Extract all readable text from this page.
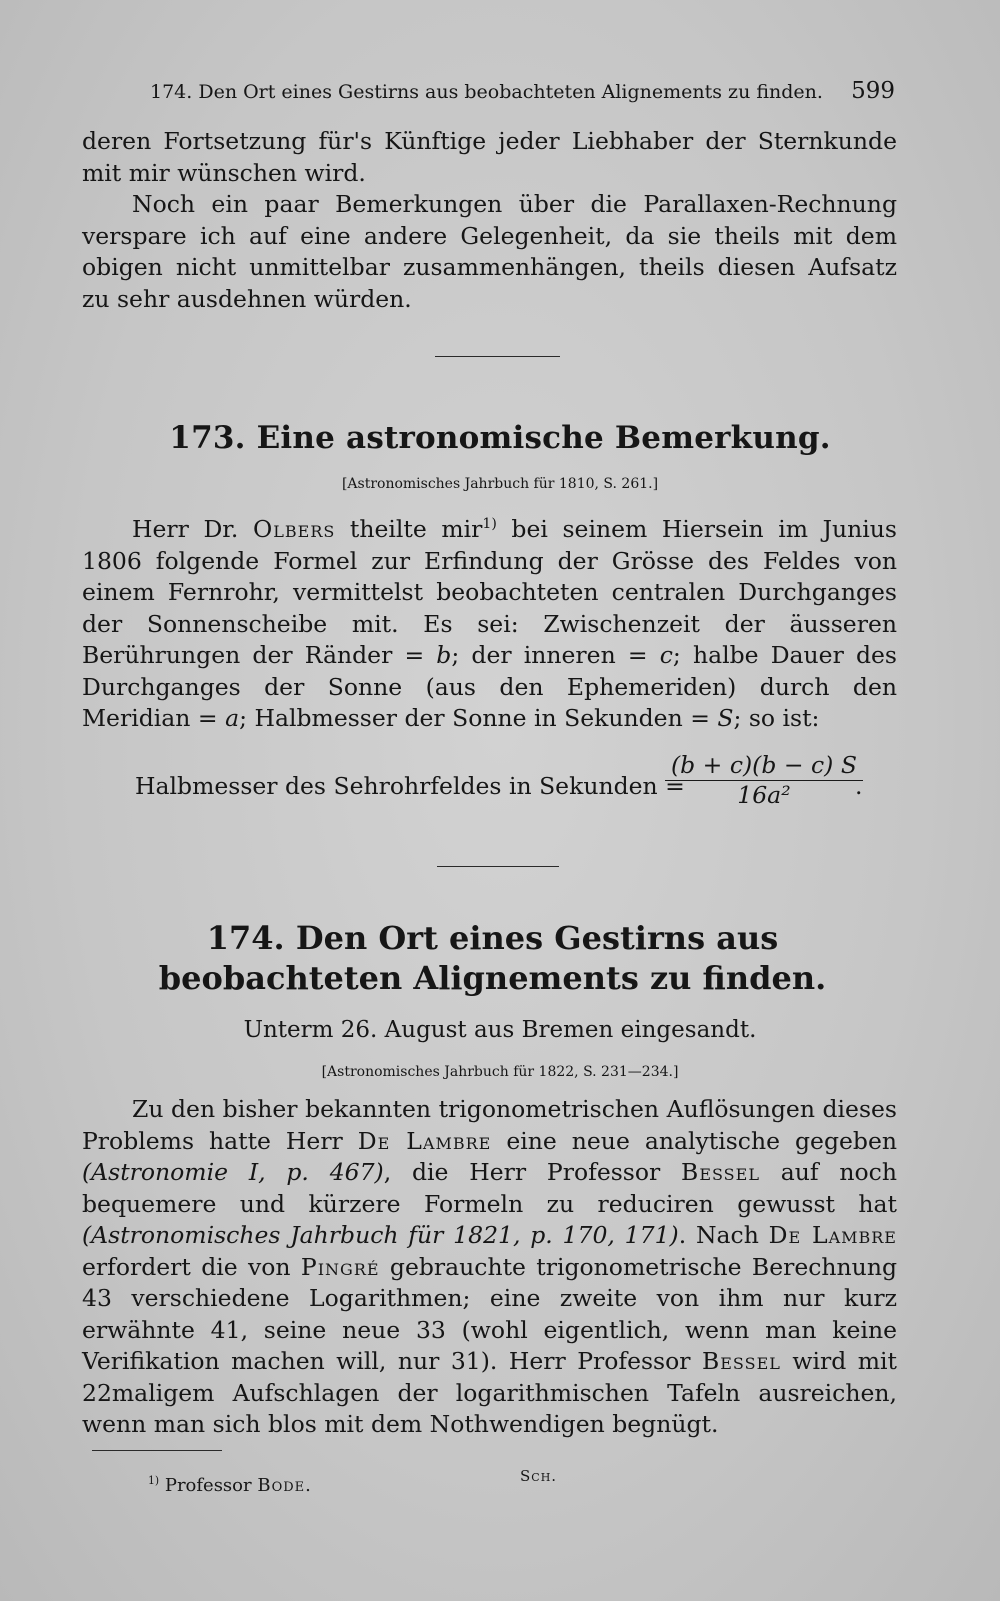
174. Den Ort eines Gestirns aus beobachteten Alignements zu finden. 599

deren Fortsetzung für's Künftige jeder Liebhaber der Sternkunde mit mir wünschen wird.

Noch ein paar Bemerkungen über die Parallaxen-Rechnung verspare ich auf eine andere Gelegenheit, da sie theils mit dem obigen nicht unmittelbar zusammenhängen, theils diesen Aufsatz zu sehr ausdehnen würden.

173. Eine astronomische Bemerkung.
[Astronomisches Jahrbuch für 1810, S. 261.]

Herr Dr. Olbers theilte mir$^{1)}$ bei seinem Hiersein im Junius 1806 folgende Formel zur Erfindung der Grösse des Feldes von einem Fernrohr, vermittelst beobachteten centralen Durchganges der Sonnenscheibe mit. Es sei: Zwischenzeit der äusseren Berührungen der Ränder = b; der inneren = c; halbe Dauer des Durchganges der Sonne (aus den Ephemeriden) durch den Meridian = a; Halbmesser der Sonne in Sekunden = S; so ist:

Halbmesser des Sehrohrfeldes in Sekunden =
$\frac{(b + c)(b - c) S}{\text{16a²}}$
.
174. Den Ort eines Gestirns aus beobachteten Alignements zu finden.
Unterm 26. August aus Bremen eingesandt.
[Astronomisches Jahrbuch für 1822, S. 231—234.]

Zu den bisher bekannten trigonometrischen Auflösungen dieses Problems hatte Herr De Lambre eine neue analytische gegeben (Astronomie I, p. 467), die Herr Professor Bessel auf noch bequemere und kürzere Formeln zu reduciren gewusst hat (Astronomisches Jahrbuch für 1821, p. 170, 171). Nach De Lambre erfordert die von Pingré gebrauchte trigonometrische Berechnung 43 verschiedene Logarithmen; eine zweite von ihm nur kurz erwähnte 41, seine neue 33 (wohl eigentlich, wenn man keine Verifikation machen will, nur 31). Herr Professor Bessel wird mit 22maligem Aufschlagen der logarithmischen Tafeln ausreichen, wenn man sich blos mit dem Nothwendigen begnügt.

$^{1)}$ Professor Bode.	Sch.
